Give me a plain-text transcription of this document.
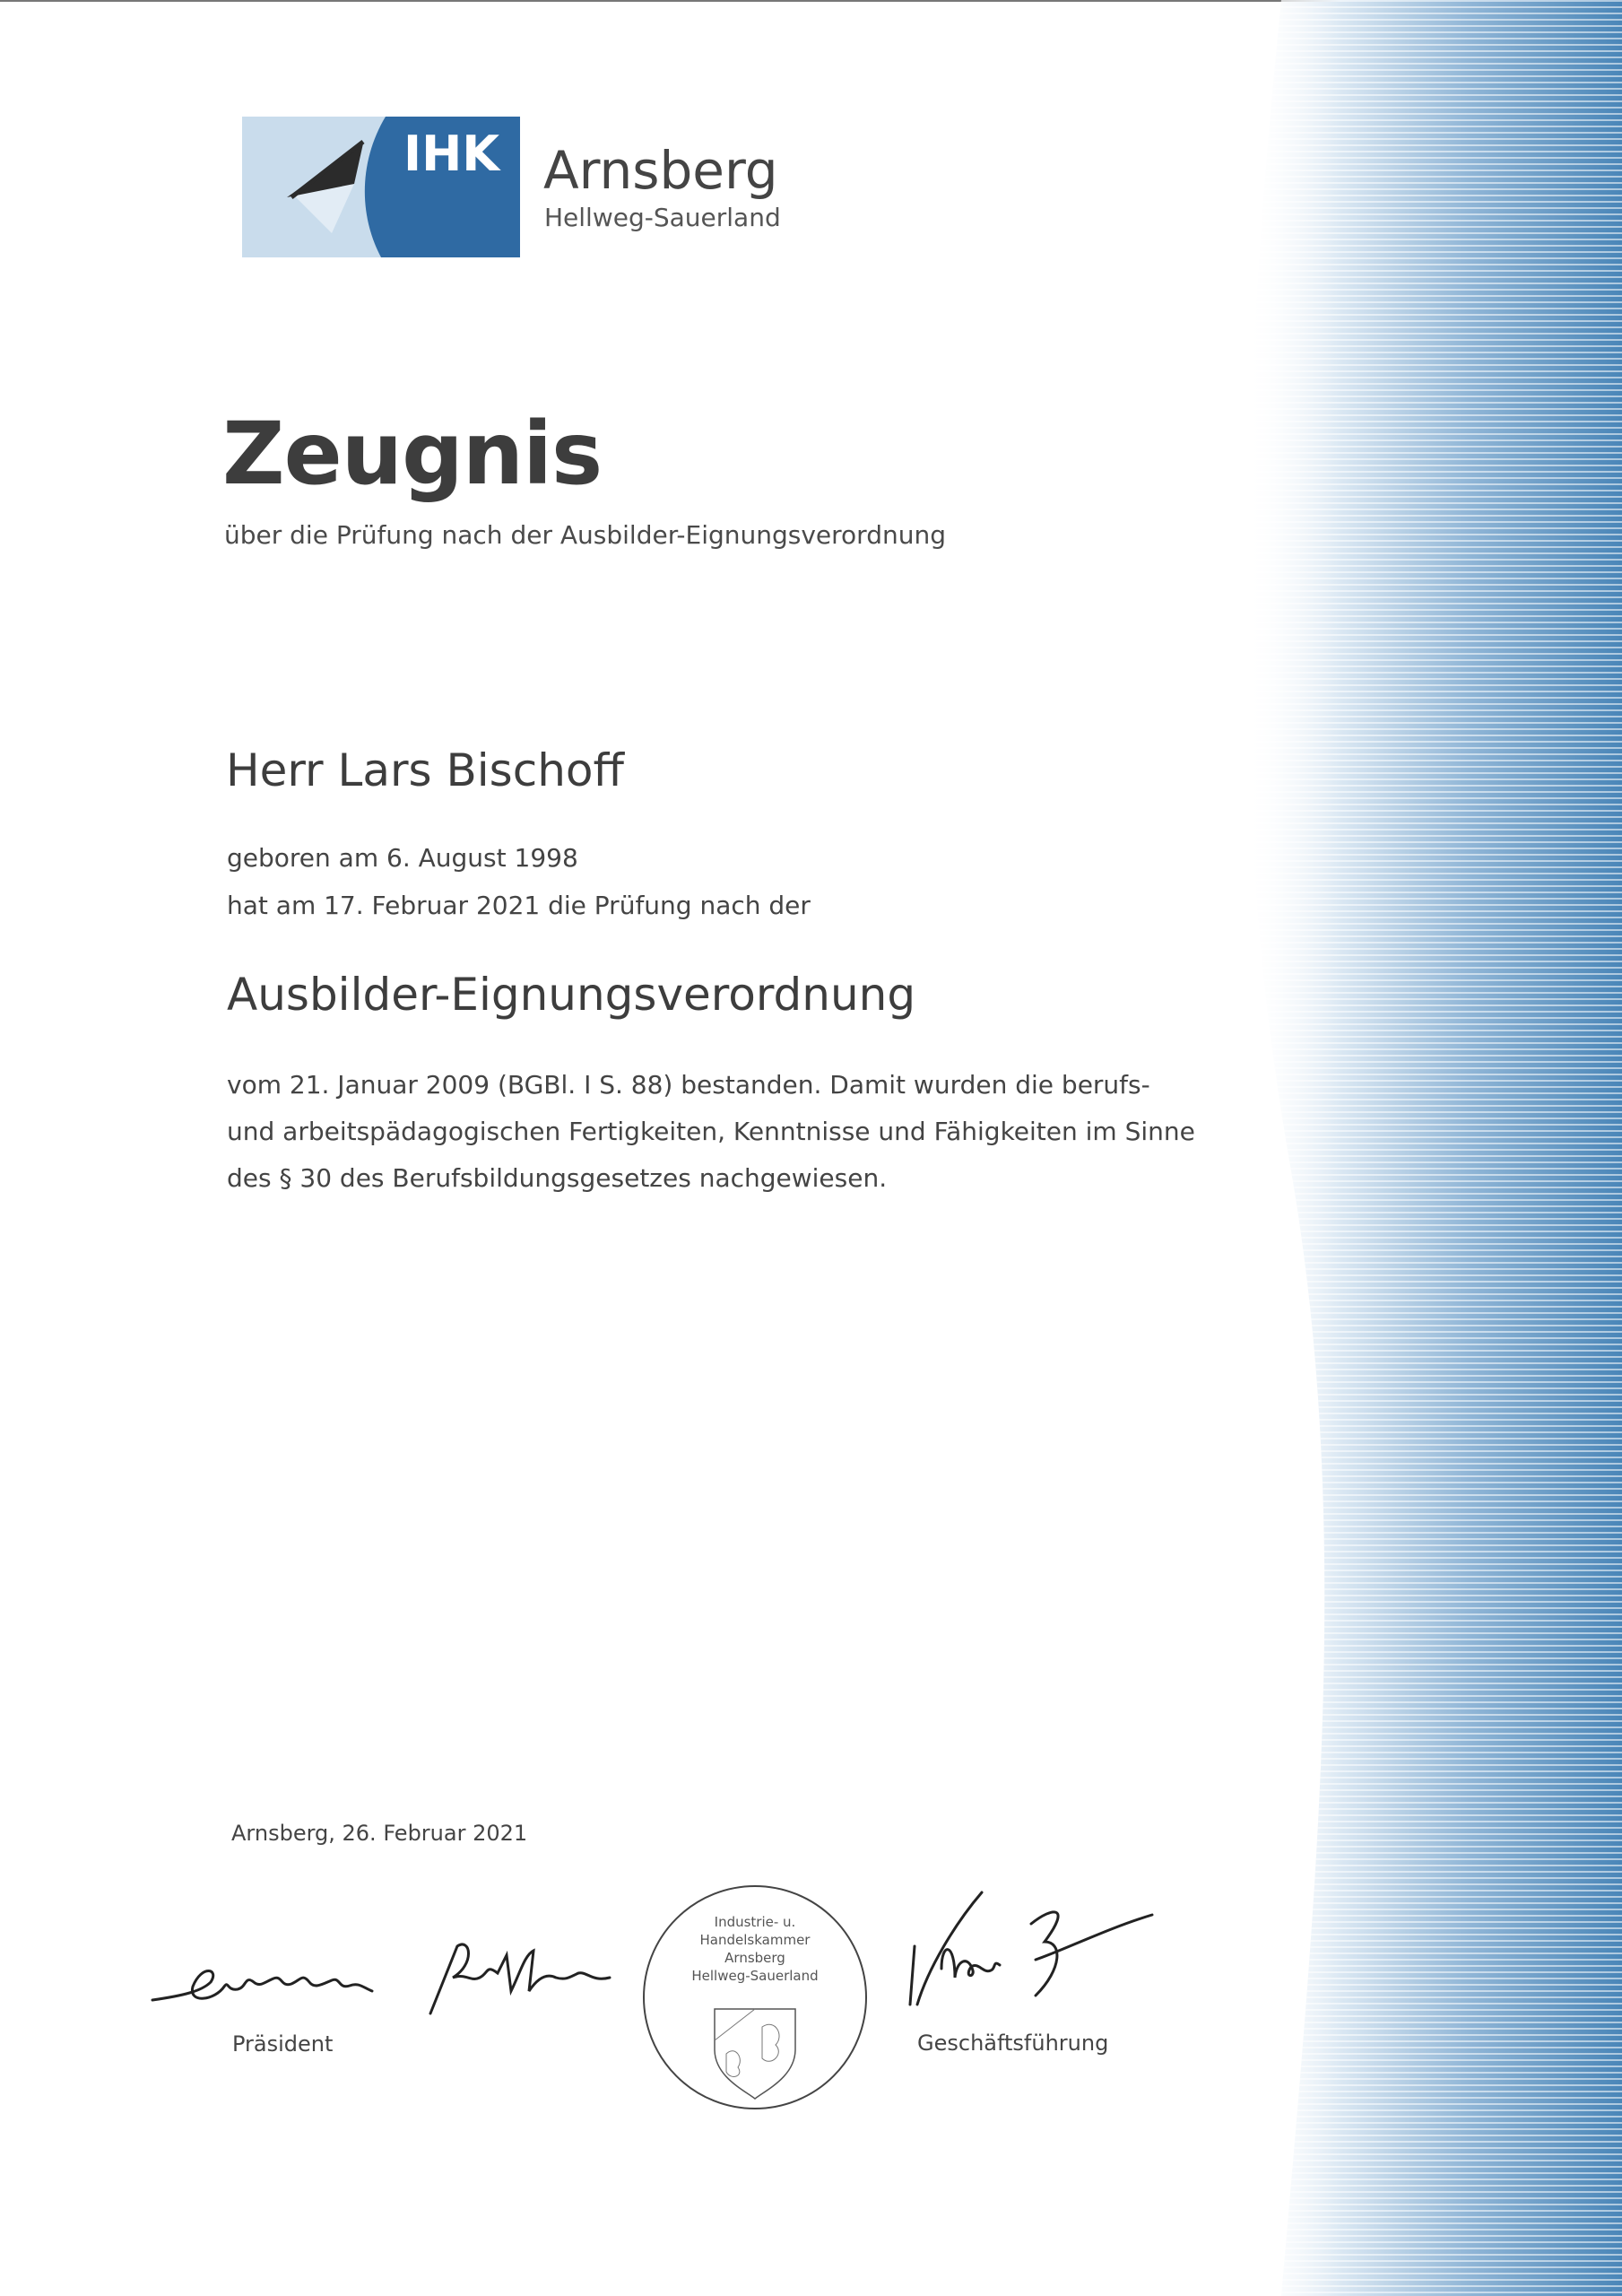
IHK Arnsberg
Hellweg-Sauerland
Zeugnis
über die Prüfung nach der Ausbilder-Eignungsverordnung
Herr Lars Bischoff
geboren am 6. August 1998
hat am 17. Februar 2021 die Prüfung nach der
Ausbilder-Eignungsverordnung
vom 21. Januar 2009 (BGBl. I S. 88) bestanden. Damit wurden die berufs-
und arbeitspädagogischen Fertigkeiten, Kenntnisse und Fähigkeiten im Sinne
des § 30 des Berufsbildungsgesetzes nachgewiesen.
Arnsberg, 26. Februar 2021
Präsident
Industrie- u.
Handelskammer
Arnsberg
Hellweg-Sauerland
Geschäftsführung
